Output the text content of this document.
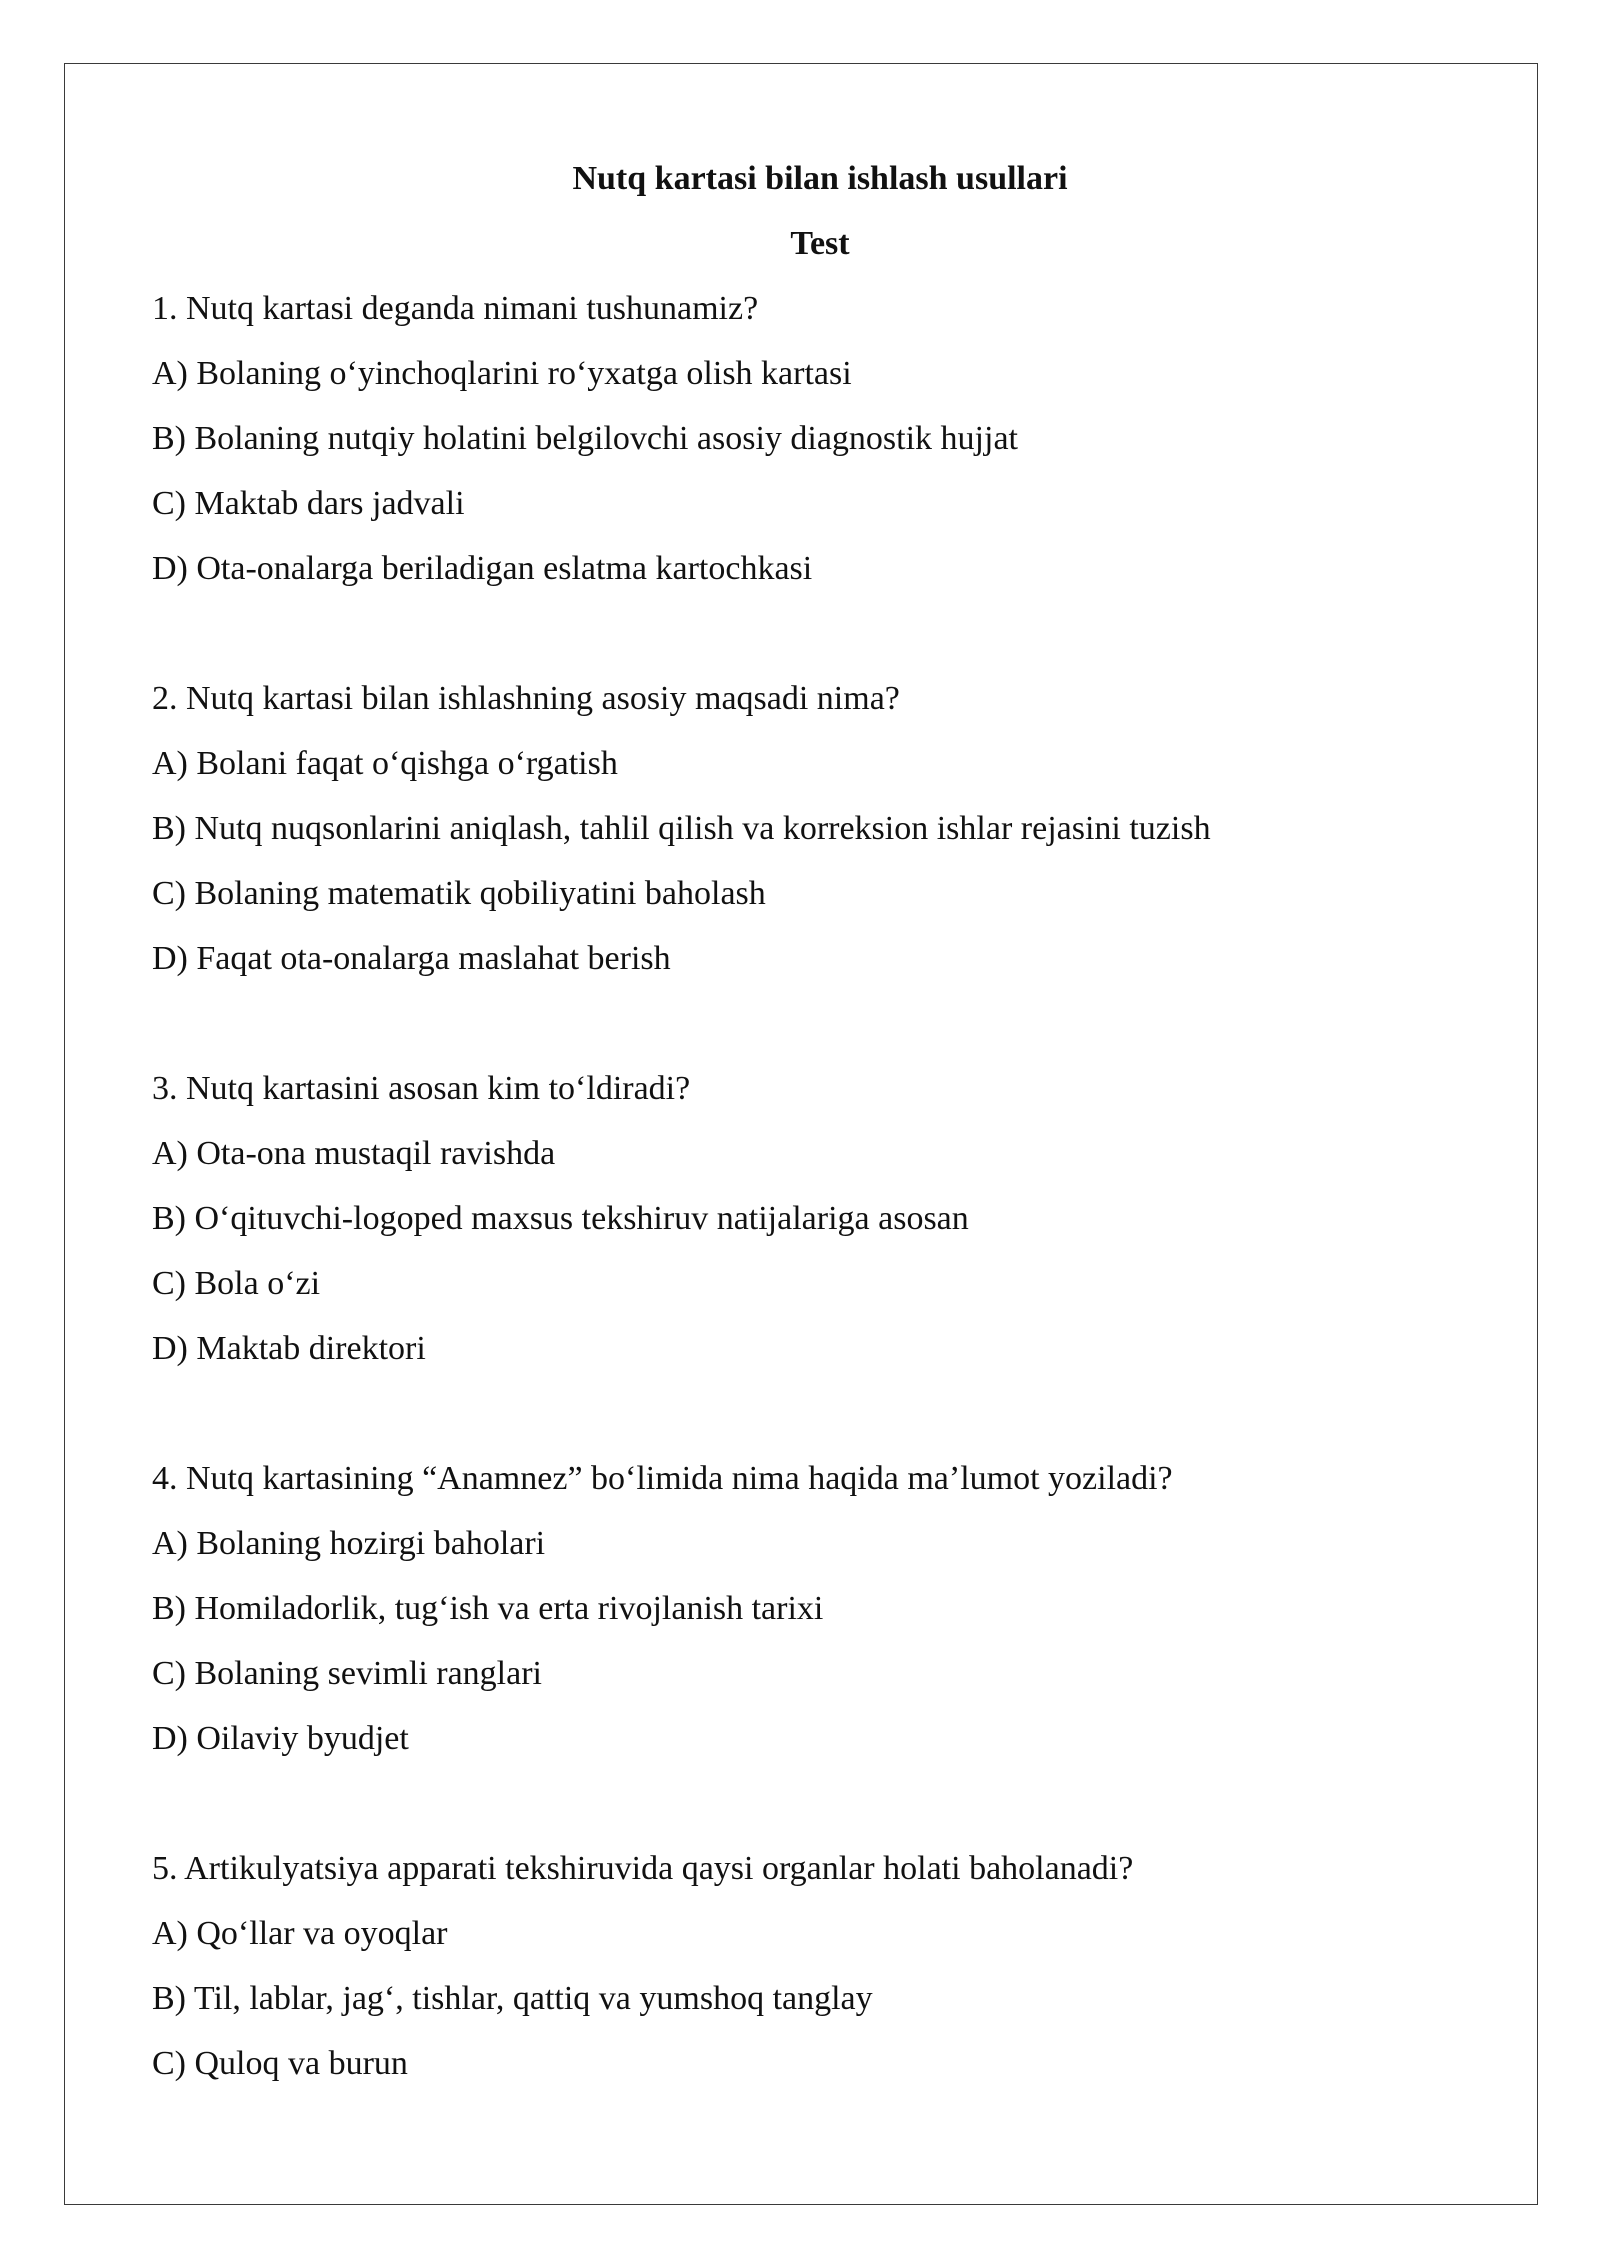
Nutq kartasi bilan ishlash usullari
Test
1. Nutq kartasi deganda nimani tushunamiz?
A) Bolaning o‘yinchoqlarini ro‘yxatga olish kartasi
B) Bolaning nutqiy holatini belgilovchi asosiy diagnostik hujjat
C) Maktab dars jadvali
D) Ota-onalarga beriladigan eslatma kartochkasi
2. Nutq kartasi bilan ishlashning asosiy maqsadi nima?
A) Bolani faqat o‘qishga o‘rgatish
B) Nutq nuqsonlarini aniqlash, tahlil qilish va korreksion ishlar rejasini tuzish
C) Bolaning matematik qobiliyatini baholash
D) Faqat ota-onalarga maslahat berish
3. Nutq kartasini asosan kim to‘ldiradi?
A) Ota-ona mustaqil ravishda
B) O‘qituvchi-logoped maxsus tekshiruv natijalariga asosan
C) Bola o‘zi
D) Maktab direktori
4. Nutq kartasining “Anamnez” bo‘limida nima haqida ma’lumot yoziladi?
A) Bolaning hozirgi baholari
B) Homiladorlik, tug‘ish va erta rivojlanish tarixi
C) Bolaning sevimli ranglari
D) Oilaviy byudjet
5. Artikulyatsiya apparati tekshiruvida qaysi organlar holati baholanadi?
A) Qo‘llar va oyoqlar
B) Til, lablar, jag‘, tishlar, qattiq va yumshoq tanglay
C) Quloq va burun
